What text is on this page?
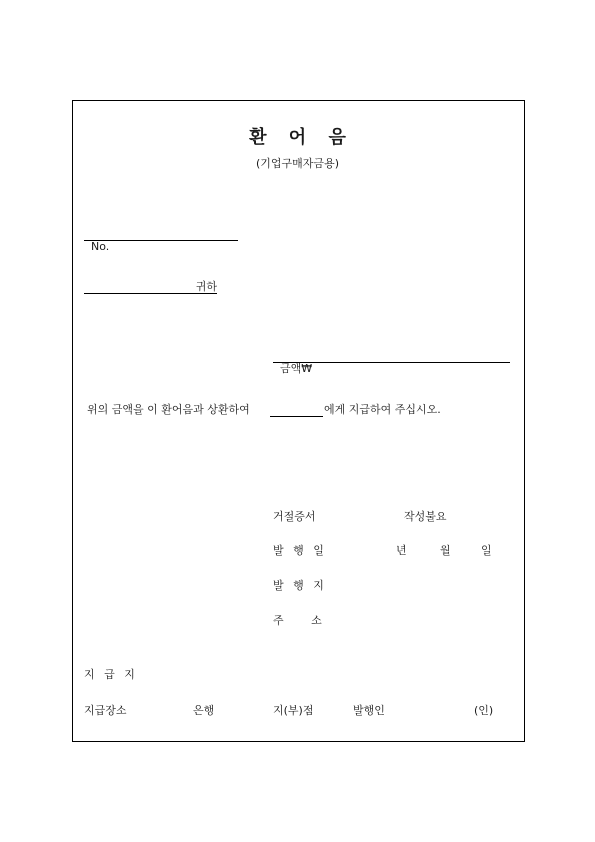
환 어 음
(기업구매자금용)

No.

귀하

금액₩

위의 금액을 이 환어음과 상환하여	에게 지급하여 주십시오.
거절증서	작성불요
발 행 일	년	월	일
발 행 지
주 소
지 급 지
지급장소	은행	지(부)점	발행인	(인)
